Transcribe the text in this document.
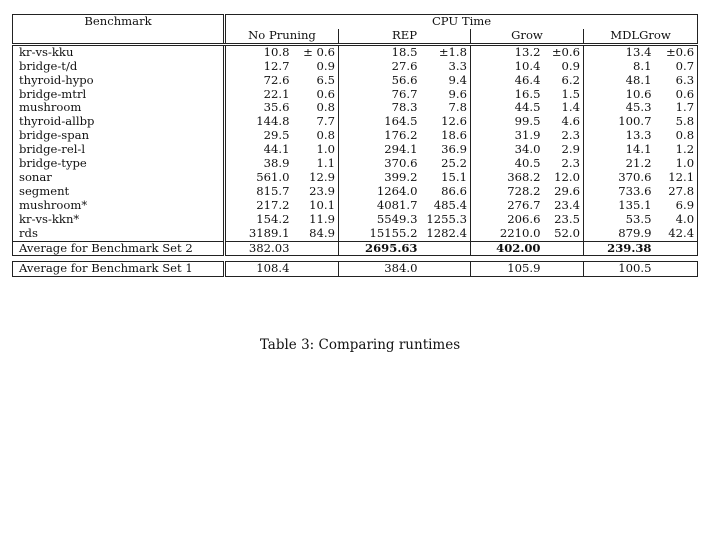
Benchmark	CPU Time							
	No Pruning		REP		Grow		MDLGrow	
kr-vs-kku	10.8	± 0.6	18.5	±1.8	13.2	±0.6	13.4	±0.6
bridge-t/d	12.7	0.9	27.6	3.3	10.4	0.9	8.1	0.7
thyroid-hypo	72.6	6.5	56.6	9.4	46.4	6.2	48.1	6.3
bridge-mtrl	22.1	0.6	76.7	9.6	16.5	1.5	10.6	0.6
mushroom	35.6	0.8	78.3	7.8	44.5	1.4	45.3	1.7
thyroid-allbp	144.8	7.7	164.5	12.6	99.5	4.6	100.7	5.8
bridge-span	29.5	0.8	176.2	18.6	31.9	2.3	13.3	0.8
bridge-rel-l	44.1	1.0	294.1	36.9	34.0	2.9	14.1	1.2
bridge-type	38.9	1.1	370.6	25.2	40.5	2.3	21.2	1.0
sonar	561.0	12.9	399.2	15.1	368.2	12.0	370.6	12.1
segment	815.7	23.9	1264.0	86.6	728.2	29.6	733.6	27.8
mushroom*	217.2	10.1	4081.7	485.4	276.7	23.4	135.1	6.9
kr-vs-kkn*	154.2	11.9	5549.3	1255.3	206.6	23.5	53.5	4.0
rds	3189.1	84.9	15155.2	1282.4	2210.0	52.0	879.9	42.4
Average for Benchmark Set 2	382.03		2695.63		402.00		239.38	

Average for Benchmark Set 1	108.4		384.0		105.9		100.5	
Table 3: Comparing runtimes
